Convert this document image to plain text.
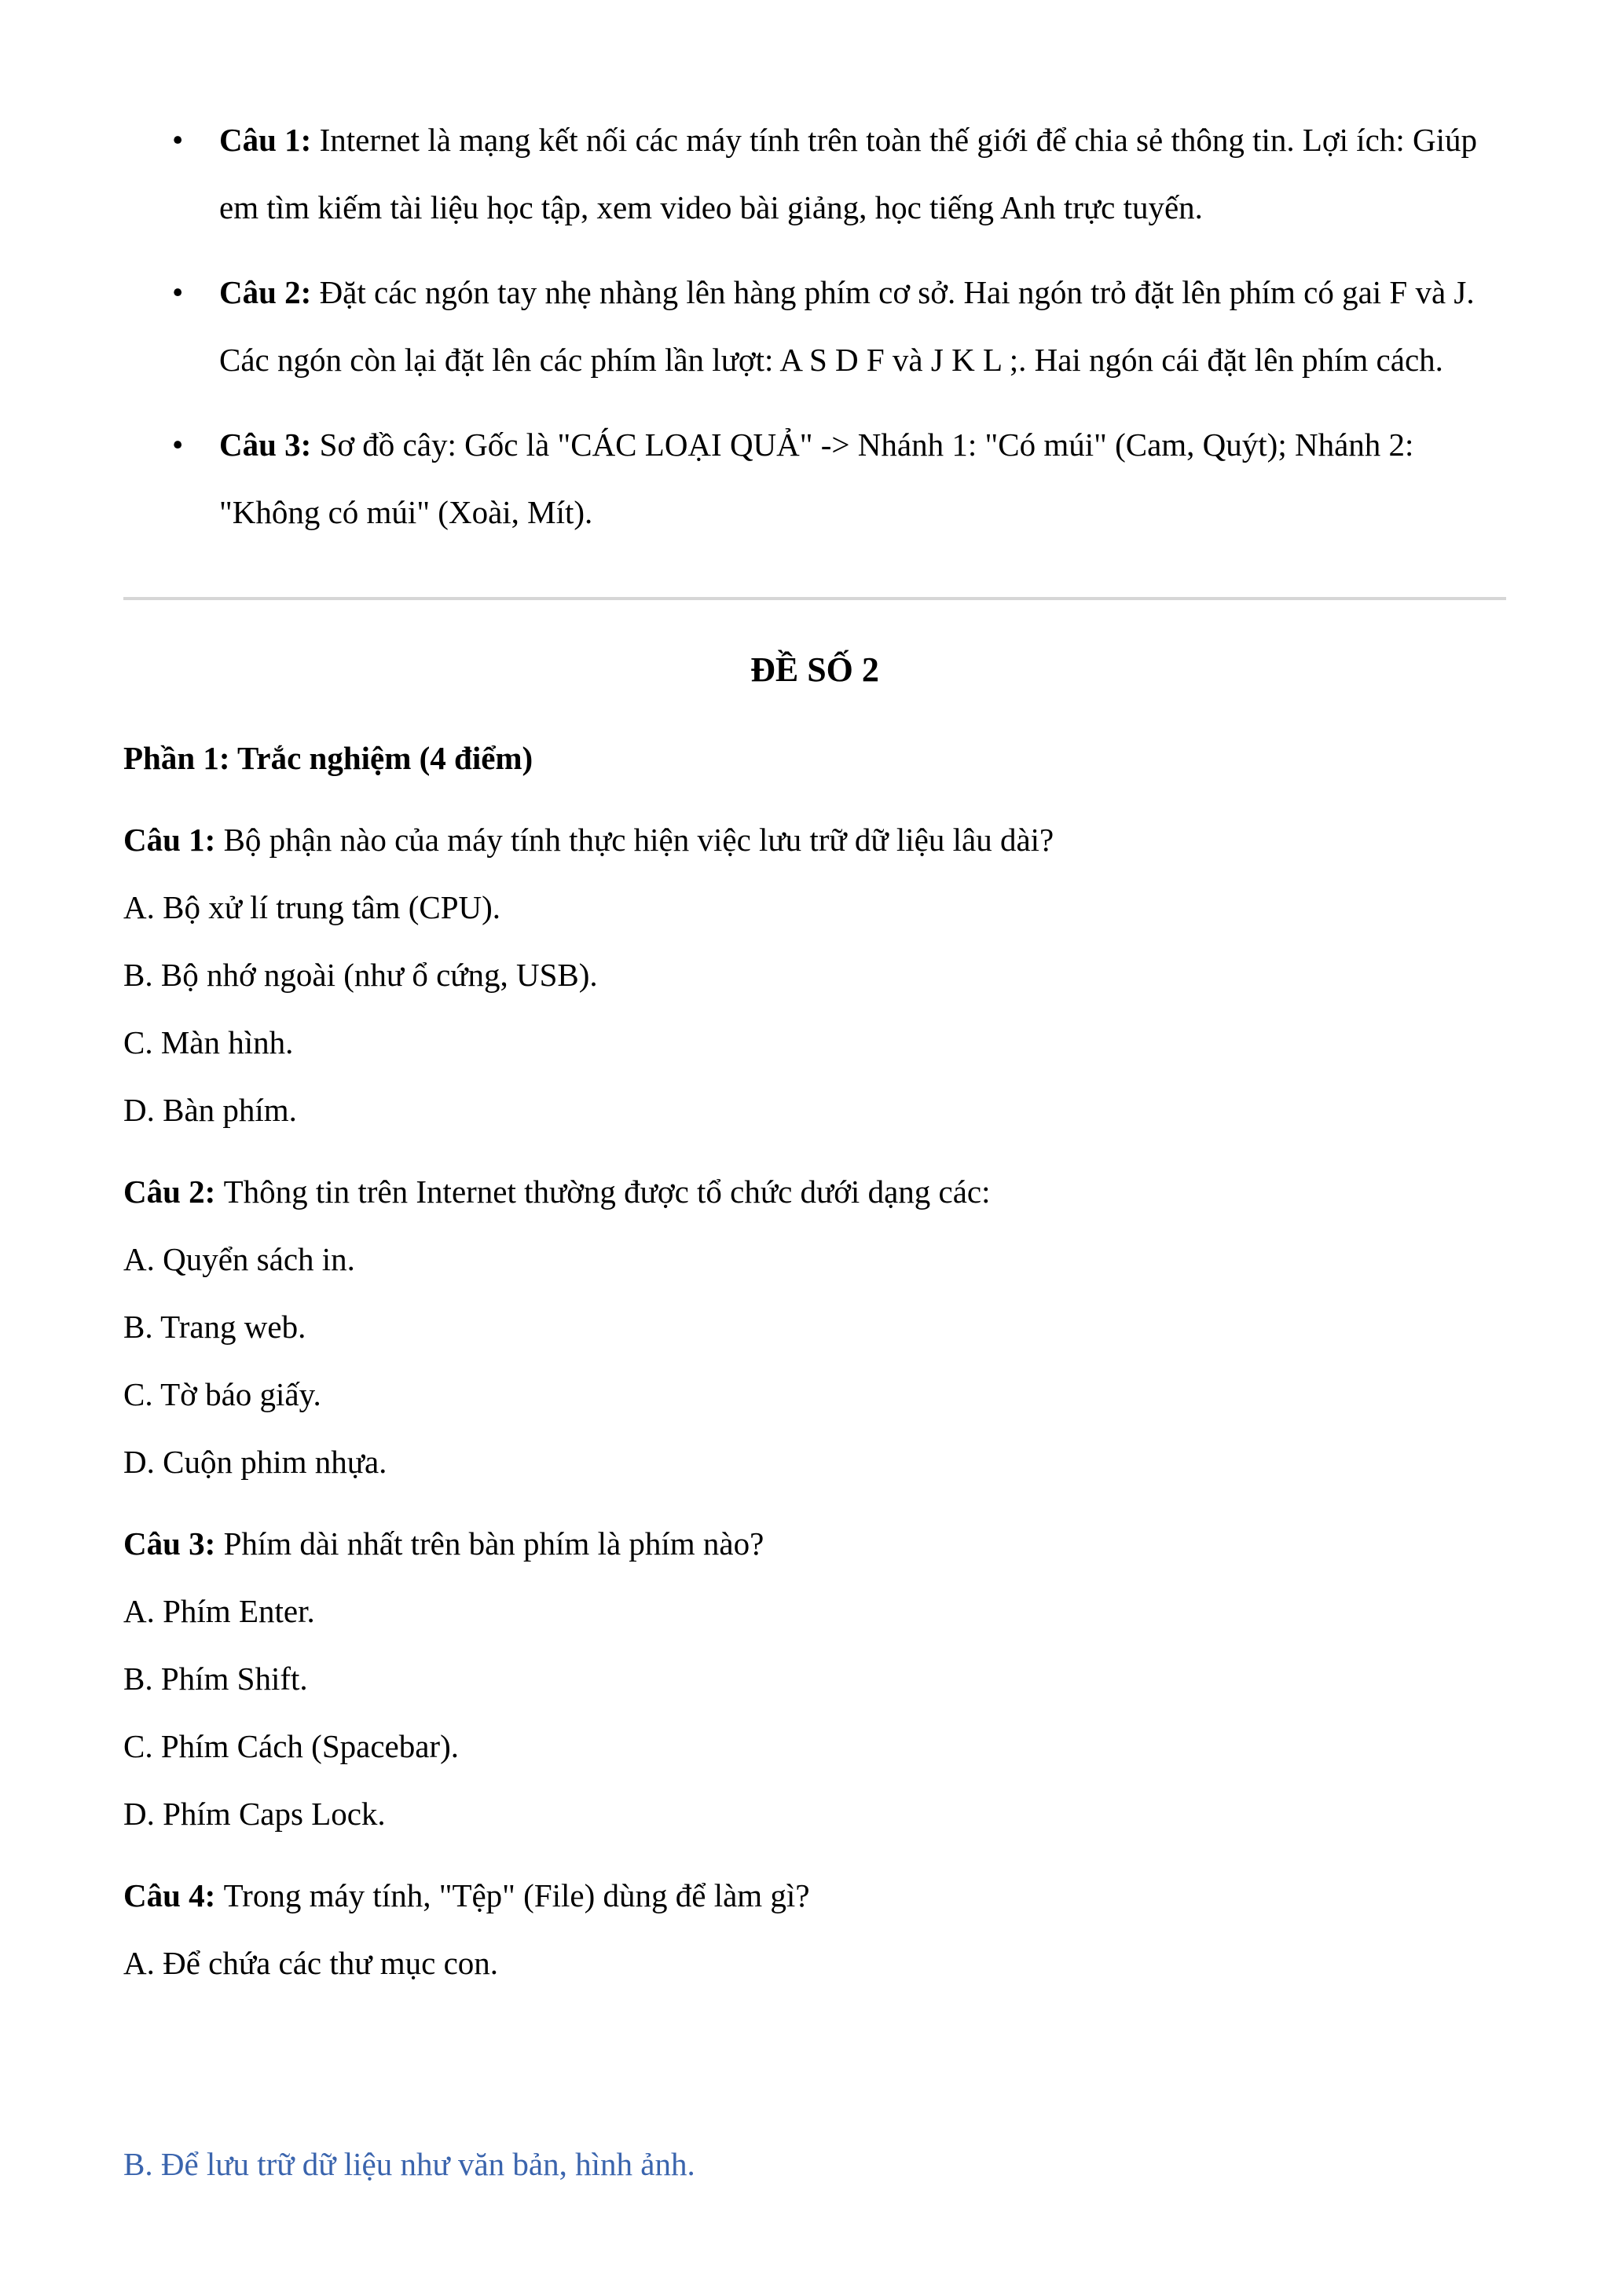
• Câu 1: Internet là mạng kết nối các máy tính trên toàn thế giới để chia sẻ thông tin. Lợi ích: Giúp em tìm kiếm tài liệu học tập, xem video bài giảng, học tiếng Anh trực tuyến.
• Câu 2: Đặt các ngón tay nhẹ nhàng lên hàng phím cơ sở. Hai ngón trỏ đặt lên phím có gai F và J. Các ngón còn lại đặt lên các phím lần lượt: A S D F và J K L ;. Hai ngón cái đặt lên phím cách.
• Câu 3: Sơ đồ cây: Gốc là "CÁC LOẠI QUẢ" -> Nhánh 1: "Có múi" (Cam, Quýt); Nhánh 2: "Không có múi" (Xoài, Mít).
ĐỀ SỐ 2

Phần 1: Trắc nghiệm (4 điểm)

Câu 1: Bộ phận nào của máy tính thực hiện việc lưu trữ dữ liệu lâu dài?

A. Bộ xử lí trung tâm (CPU).

B. Bộ nhớ ngoài (như ổ cứng, USB).

C. Màn hình.

D. Bàn phím.

Câu 2: Thông tin trên Internet thường được tổ chức dưới dạng các:

A. Quyển sách in.

B. Trang web.

C. Tờ báo giấy.

D. Cuộn phim nhựa.

Câu 3: Phím dài nhất trên bàn phím là phím nào?

A. Phím Enter.

B. Phím Shift.

C. Phím Cách (Spacebar).

D. Phím Caps Lock.

Câu 4: Trong máy tính, "Tệp" (File) dùng để làm gì?

A. Để chứa các thư mục con.

B. Để lưu trữ dữ liệu như văn bản, hình ảnh.
